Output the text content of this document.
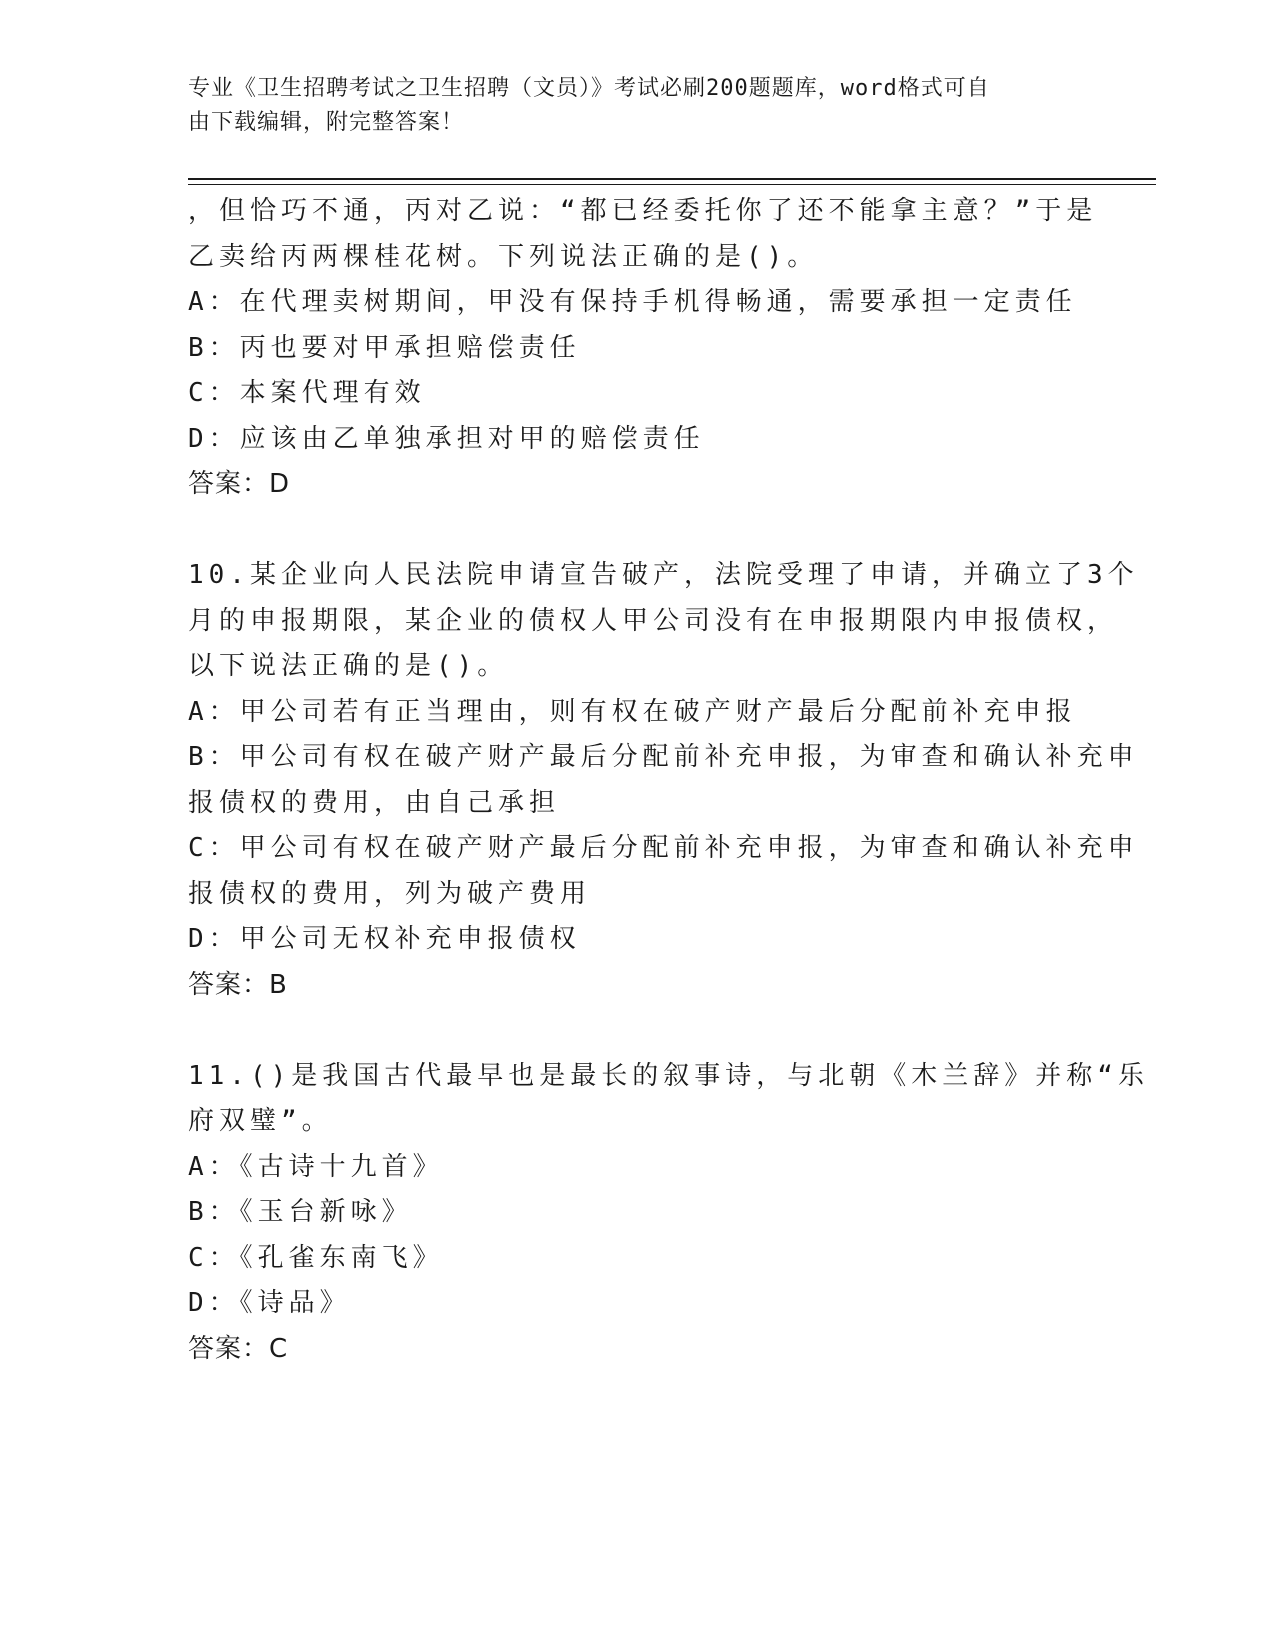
专业《卫生招聘考试之卫生招聘（文员）》考试必刷200题题库，word格式可自
由下载编辑，附完整答案！
，但恰巧不通，丙对乙说：“都已经委托你了还不能拿主意？”于是
乙卖给丙两棵桂花树。下列说法正确的是()。
A：在代理卖树期间，甲没有保持手机得畅通，需要承担一定责任
B：丙也要对甲承担赔偿责任
C：本案代理有效
D：应该由乙单独承担对甲的赔偿责任
答案：D
10.某企业向人民法院申请宣告破产，法院受理了申请，并确立了3个
月的申报期限，某企业的债权人甲公司没有在申报期限内申报债权，
以下说法正确的是()。
A：甲公司若有正当理由，则有权在破产财产最后分配前补充申报
B：甲公司有权在破产财产最后分配前补充申报，为审查和确认补充申
报债权的费用，由自己承担
C：甲公司有权在破产财产最后分配前补充申报，为审查和确认补充申
报债权的费用，列为破产费用
D：甲公司无权补充申报债权
答案：B
11.()是我国古代最早也是最长的叙事诗，与北朝《木兰辞》并称“乐
府双璧”。
A：《古诗十九首》
B：《玉台新咏》
C：《孔雀东南飞》
D：《诗品》
答案：C
